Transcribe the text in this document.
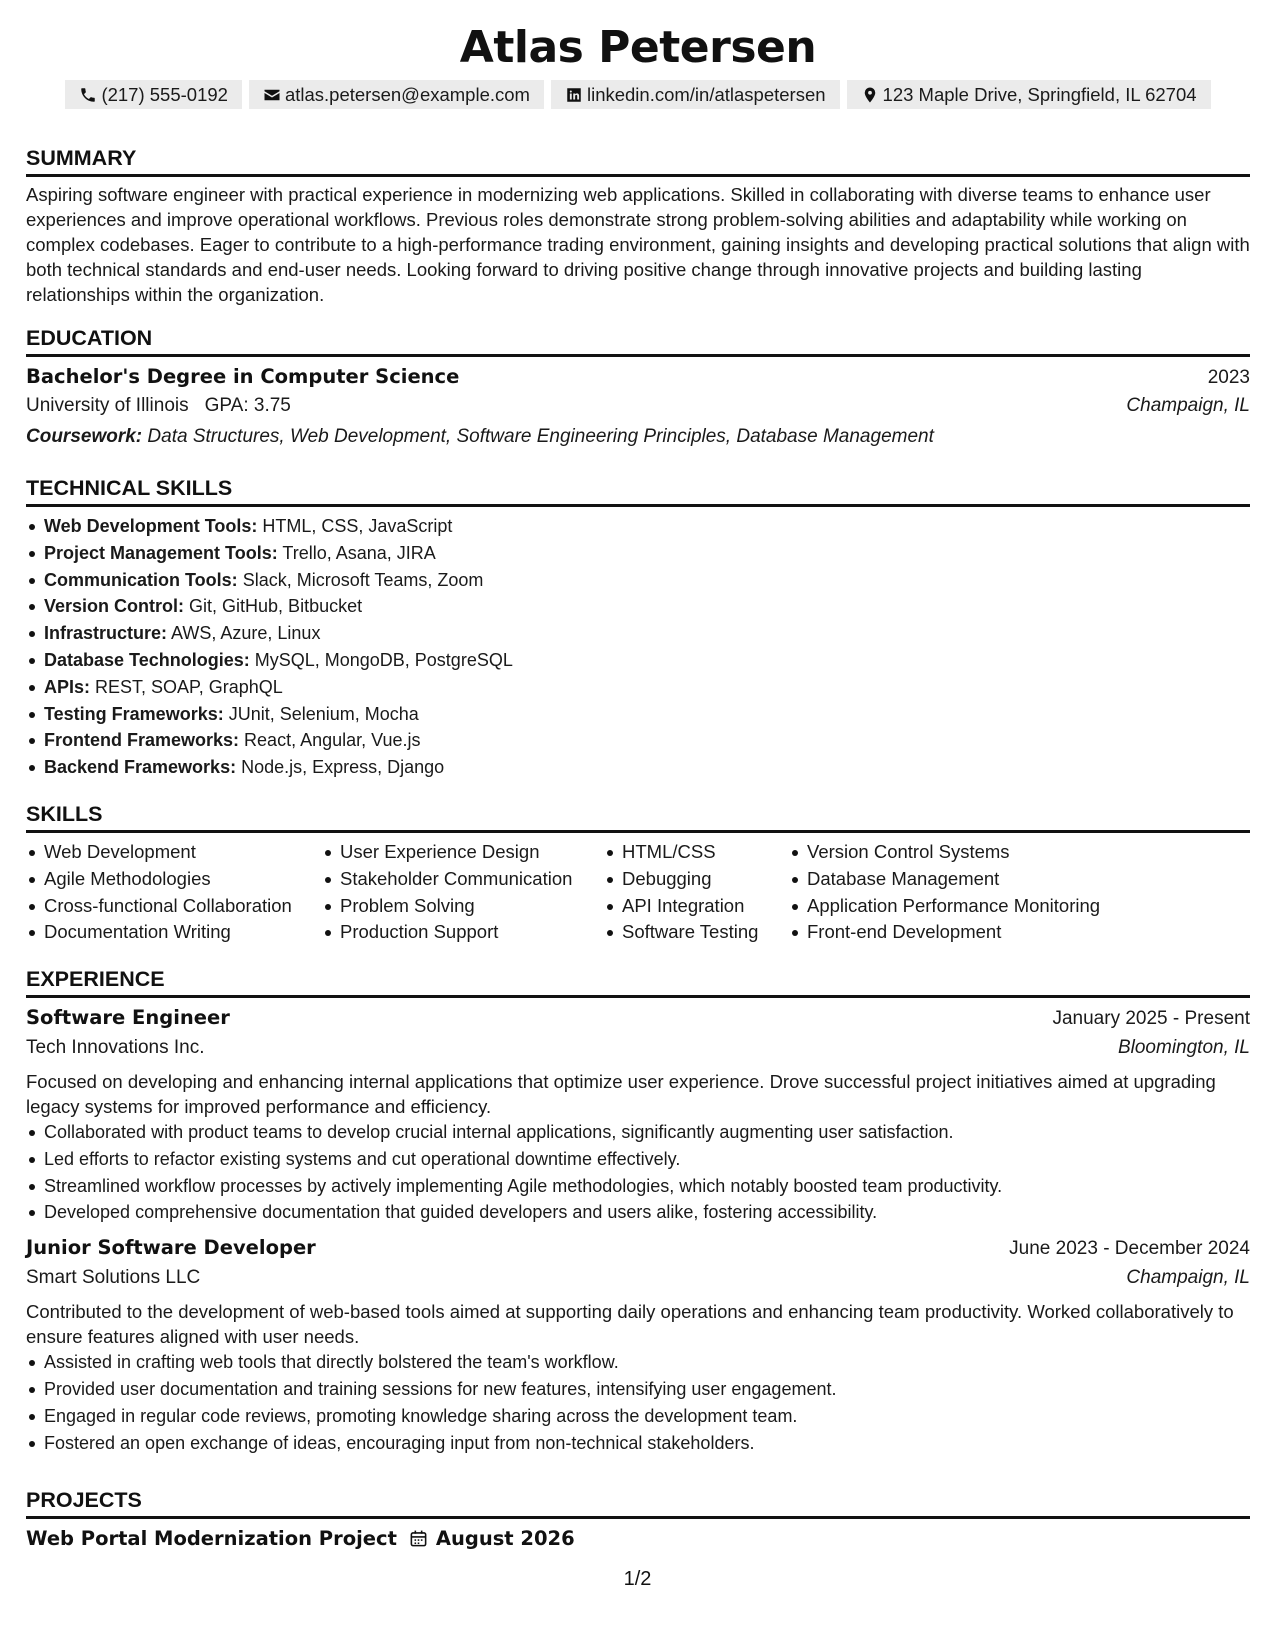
Atlas Petersen
(217) 555-0192	atlas.petersen@example.com	linkedin.com/in/atlaspetersen	123 Maple Drive, Springfield, IL 62704
SUMMARY
Aspiring software engineer with practical experience in modernizing web applications. Skilled in collaborating with diverse teams to enhance user experiences and improve operational workflows. Previous roles demonstrate strong problem-solving abilities and adaptability while working on complex codebases. Eager to contribute to a high-performance trading environment, gaining insights and developing practical solutions that align with both technical standards and end-user needs. Looking forward to driving positive change through innovative projects and building lasting relationships within the organization.
EDUCATION
Bachelor's Degree in Computer Science	2023
University of Illinois GPA: 3.75	Champaign, IL
Coursework: Data Structures, Web Development, Software Engineering Principles, Database Management
TECHNICAL SKILLS
Web Development Tools: HTML, CSS, JavaScript
Project Management Tools: Trello, Asana, JIRA
Communication Tools: Slack, Microsoft Teams, Zoom
Version Control: Git, GitHub, Bitbucket
Infrastructure: AWS, Azure, Linux
Database Technologies: MySQL, MongoDB, PostgreSQL
APIs: REST, SOAP, GraphQL
Testing Frameworks: JUnit, Selenium, Mocha
Frontend Frameworks: React, Angular, Vue.js
Backend Frameworks: Node.js, Express, Django
SKILLS
Web Development
Agile Methodologies
Cross-functional Collaboration
Documentation Writing
User Experience Design
Stakeholder Communication
Problem Solving
Production Support
HTML/CSS
Debugging
API Integration
Software Testing
Version Control Systems
Database Management
Application Performance Monitoring
Front-end Development
EXPERIENCE
Software Engineer	January 2025 - Present
Tech Innovations Inc.	Bloomington, IL
Focused on developing and enhancing internal applications that optimize user experience. Drove successful project initiatives aimed at upgrading legacy systems for improved performance and efficiency.
Collaborated with product teams to develop crucial internal applications, significantly augmenting user satisfaction.
Led efforts to refactor existing systems and cut operational downtime effectively.
Streamlined workflow processes by actively implementing Agile methodologies, which notably boosted team productivity.
Developed comprehensive documentation that guided developers and users alike, fostering accessibility.
Junior Software Developer	June 2023 - December 2024
Smart Solutions LLC	Champaign, IL
Contributed to the development of web-based tools aimed at supporting daily operations and enhancing team productivity. Worked collaboratively to ensure features aligned with user needs.
Assisted in crafting web tools that directly bolstered the team's workflow.
Provided user documentation and training sessions for new features, intensifying user engagement.
Engaged in regular code reviews, promoting knowledge sharing across the development team.
Fostered an open exchange of ideas, encouraging input from non-technical stakeholders.
PROJECTS
Web Portal Modernization Project August 2026
1/2
